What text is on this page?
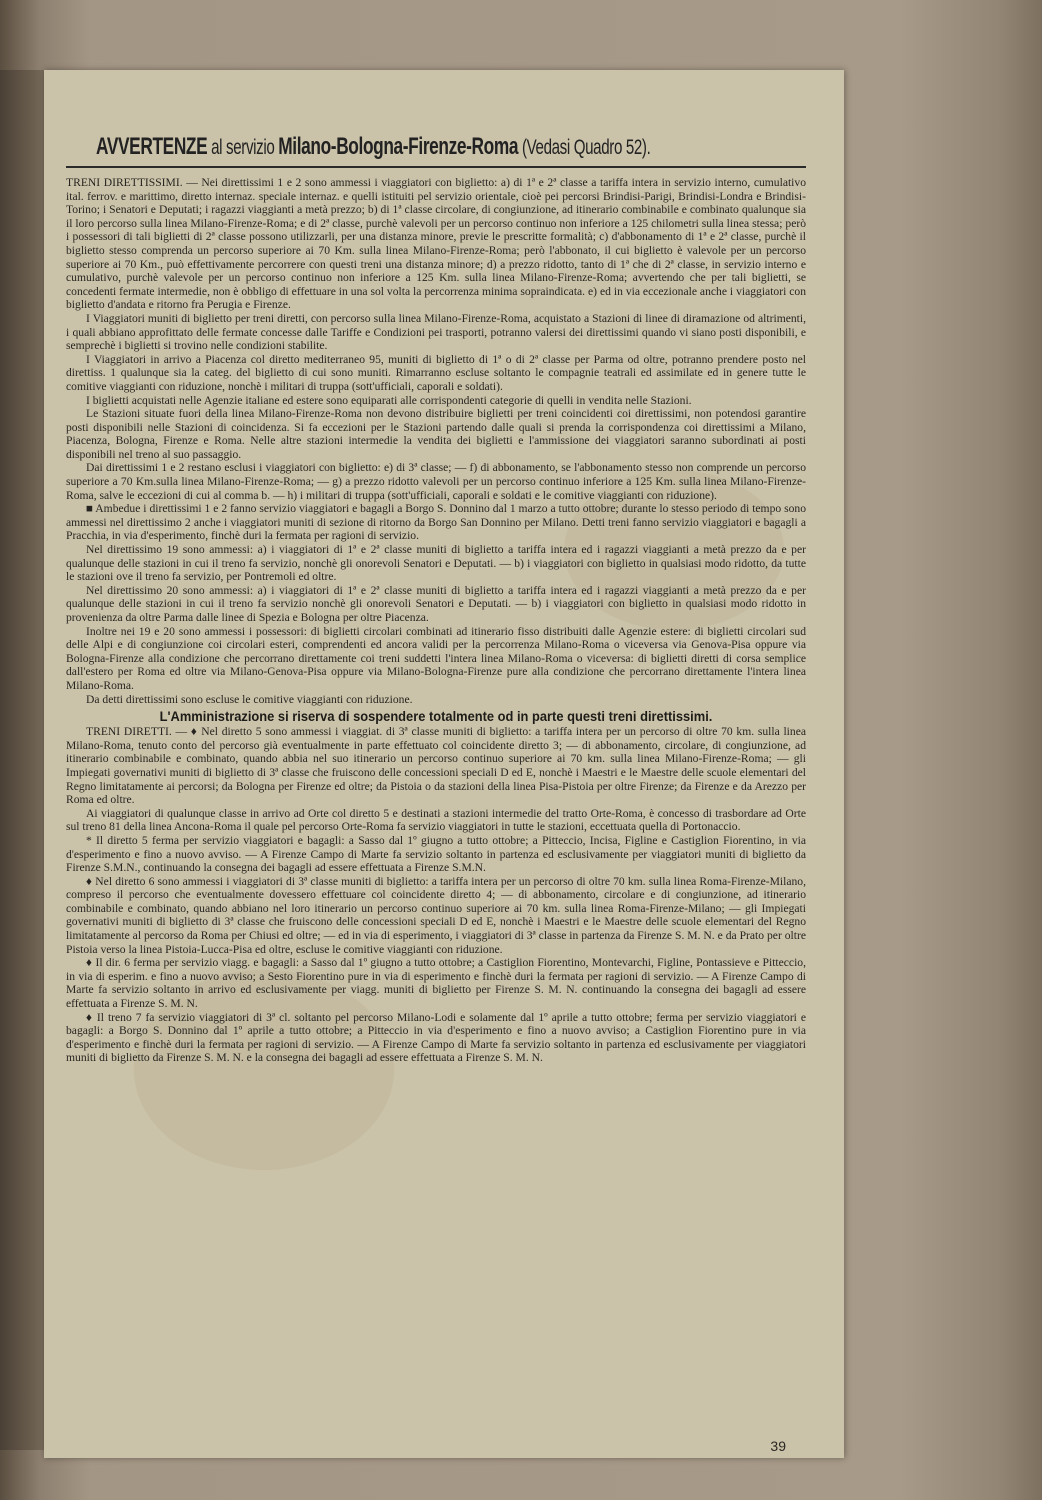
AVVERTENZE al servizio Milano-Bologna-Firenze-Roma (Vedasi Quadro 52).

TRENI DIRETTISSIMI. — Nei direttissimi 1 e 2 sono ammessi i viaggiatori con biglietto: a) di 1ª e 2ª classe a tariffa intera in servizio interno, cumulativo ital. ferrov. e marittimo, diretto internaz. speciale internaz. e quelli istituiti pel servizio orientale, cioè pei percorsi Brindisi-Parigi, Brindisi-Londra e Brindisi-Torino; i Senatori e Deputati; i ragazzi viaggianti a metà prezzo; b) di 1ª classe circolare, di congiunzione, ad itinerario combinabile e combinato qualunque sia il loro percorso sulla linea Milano-Firenze-Roma; e di 2ª classe, purchè valevoli per un percorso continuo non inferiore a 125 chilometri sulla linea stessa; però i possessori di tali biglietti di 2ª classe possono utilizzarli, per una distanza minore, previe le prescritte formalità; c) d'abbonamento di 1ª e 2ª classe, purchè il biglietto stesso comprenda un percorso superiore ai 70 Km. sulla linea Milano-Firenze-Roma; però l'abbonato, il cui biglietto è valevole per un percorso superiore ai 70 Km., può effettivamente percorrere con questi treni una distanza minore; d) a prezzo ridotto, tanto di 1ª che di 2ª classe, in servizio interno e cumulativo, purchè valevole per un percorso continuo non inferiore a 125 Km. sulla linea Milano-Firenze-Roma; avvertendo che per tali biglietti, se concedenti fermate intermedie, non è obbligo di effettuare in una sol volta la percorrenza minima sopraindicata. e) ed in via eccezionale anche i viaggiatori con biglietto d'andata e ritorno fra Perugia e Firenze.

I Viaggiatori muniti di biglietto per treni diretti, con percorso sulla linea Milano-Firenze-Roma, acquistato a Stazioni di linee di diramazione od altrimenti, i quali abbiano approfittato delle fermate concesse dalle Tariffe e Condizioni pei trasporti, potranno valersi dei direttissimi quando vi siano posti disponibili, e semprechè i biglietti si trovino nelle condizioni stabilite.

I Viaggiatori in arrivo a Piacenza col diretto mediterraneo 95, muniti di biglietto di 1ª o di 2ª classe per Parma od oltre, potranno prendere posto nel direttiss. 1 qualunque sia la categ. del biglietto di cui sono muniti. Rimarranno escluse soltanto le compagnie teatrali ed assimilate ed in genere tutte le comitive viaggianti con riduzione, nonchè i militari di truppa (sott'ufficiali, caporali e soldati).

I biglietti acquistati nelle Agenzie italiane ed estere sono equiparati alle corrispondenti categorie di quelli in vendita nelle Stazioni.

Le Stazioni situate fuori della linea Milano-Firenze-Roma non devono distribuire biglietti per treni coincidenti coi direttissimi, non potendosi garantire posti disponibili nelle Stazioni di coincidenza. Si fa eccezioni per le Stazioni partendo dalle quali si prenda la corrispondenza coi direttissimi a Milano, Piacenza, Bologna, Firenze e Roma. Nelle altre stazioni intermedie la vendita dei biglietti e l'ammissione dei viaggiatori saranno subordinati ai posti disponibili nel treno al suo passaggio.

Dai direttissimi 1 e 2 restano esclusi i viaggiatori con biglietto: e) di 3ª classe; — f) di abbonamento, se l'abbonamento stesso non comprende un percorso superiore a 70 Km.sulla linea Milano-Firenze-Roma; — g) a prezzo ridotto valevoli per un percorso continuo inferiore a 125 Km. sulla linea Milano-Firenze-Roma, salve le eccezioni di cui al comma b. — h) i militari di truppa (sott'ufficiali, caporali e soldati e le comitive viaggianti con riduzione).

■ Ambedue i direttissimi 1 e 2 fanno servizio viaggiatori e bagagli a Borgo S. Donnino dal 1 marzo a tutto ottobre; durante lo stesso periodo di tempo sono ammessi nel direttissimo 2 anche i viaggiatori muniti di sezione di ritorno da Borgo San Donnino per Milano. Detti treni fanno servizio viaggiatori e bagagli a Pracchia, in via d'esperimento, finchè duri la fermata per ragioni di servizio.

Nel direttissimo 19 sono ammessi: a) i viaggiatori di 1ª e 2ª classe muniti di biglietto a tariffa intera ed i ragazzi viaggianti a metà prezzo da e per qualunque delle stazioni in cui il treno fa servizio, nonchè gli onorevoli Senatori e Deputati. — b) i viaggiatori con biglietto in qualsiasi modo ridotto, da tutte le stazioni ove il treno fa servizio, per Pontremoli ed oltre.

Nel direttissimo 20 sono ammessi: a) i viaggiatori di 1ª e 2ª classe muniti di biglietto a tariffa intera ed i ragazzi viaggianti a metà prezzo da e per qualunque delle stazioni in cui il treno fa servizio nonchè gli onorevoli Senatori e Deputati. — b) i viaggiatori con biglietto in qualsiasi modo ridotto in provenienza da oltre Parma dalle linee di Spezia e Bologna per oltre Piacenza.

Inoltre nei 19 e 20 sono ammessi i possessori: di biglietti circolari combinati ad itinerario fisso distribuiti dalle Agenzie estere: di biglietti circolari sud delle Alpi e di congiunzione coi circolari esteri, comprendenti ed ancora validi per la percorrenza Milano-Roma o viceversa via Genova-Pisa oppure via Bologna-Firenze alla condizione che percorrano direttamente coi treni suddetti l'intera linea Milano-Roma o viceversa: di biglietti diretti di corsa semplice dall'estero per Roma ed oltre via Milano-Genova-Pisa oppure via Milano-Bologna-Firenze pure alla condizione che percorrano direttamente l'intera linea Milano-Roma.

Da detti direttissimi sono escluse le comitive viaggianti con riduzione.

L'Amministrazione si riserva di sospendere totalmente od in parte questi treni direttissimi.

TRENI DIRETTI. — ♦ Nel diretto 5 sono ammessi i viaggiat. di 3ª classe muniti di biglietto: a tariffa intera per un percorso di oltre 70 km. sulla linea Milano-Roma, tenuto conto del percorso già eventualmente in parte effettuato col coincidente diretto 3; — di abbonamento, circolare, di congiunzione, ad itinerario combinabile e combinato, quando abbia nel suo itinerario un percorso continuo superiore ai 70 km. sulla linea Milano-Firenze-Roma; — gli Impiegati governativi muniti di biglietto di 3ª classe che fruiscono delle concessioni speciali D ed E, nonchè i Maestri e le Maestre delle scuole elementari del Regno limitatamente ai percorsi; da Bologna per Firenze ed oltre; da Pistoia o da stazioni della linea Pisa-Pistoia per oltre Firenze; da Firenze e da Arezzo per Roma ed oltre.

Ai viaggiatori di qualunque classe in arrivo ad Orte col diretto 5 e destinati a stazioni intermedie del tratto Orte-Roma, è concesso di trasbordare ad Orte sul treno 81 della linea Ancona-Roma il quale pel percorso Orte-Roma fa servizio viaggiatori in tutte le stazioni, eccettuata quella di Portonaccio.

* Il diretto 5 ferma per servizio viaggiatori e bagagli: a Sasso dal 1º giugno a tutto ottobre; a Pitteccio, Incisa, Figline e Castiglion Fiorentino, in via d'esperimento e fino a nuovo avviso. — A Firenze Campo di Marte fa servizio soltanto in partenza ed esclusivamente per viaggiatori muniti di biglietto da Firenze S.M.N., continuando la consegna dei bagagli ad essere effettuata a Firenze S.M.N.

♦ Nel diretto 6 sono ammessi i viaggiatori di 3ª classe muniti di biglietto: a tariffa intera per un percorso di oltre 70 km. sulla linea Roma-Firenze-Milano, compreso il percorso che eventualmente dovessero effettuare col coincidente diretto 4; — di abbonamento, circolare e di congiunzione, ad itinerario combinabile e combinato, quando abbiano nel loro itinerario un percorso continuo superiore ai 70 km. sulla linea Roma-Firenze-Milano; — gli Impiegati governativi muniti di biglietto di 3ª classe che fruiscono delle concessioni speciali D ed E, nonchè i Maestri e le Maestre delle scuole elementari del Regno limitatamente al percorso da Roma per Chiusi ed oltre; — ed in via di esperimento, i viaggiatori di 3ª classe in partenza da Firenze S. M. N. e da Prato per oltre Pistoia verso la linea Pistoia-Lucca-Pisa ed oltre, escluse le comitive viaggianti con riduzione.

♦ Il dir. 6 ferma per servizio viagg. e bagagli: a Sasso dal 1º giugno a tutto ottobre; a Castiglion Fiorentino, Montevarchi, Figline, Pontassieve e Pitteccio, in via di esperim. e fino a nuovo avviso; a Sesto Fiorentino pure in via di esperimento e finchè duri la fermata per ragioni di servizio. — A Firenze Campo di Marte fa servizio soltanto in arrivo ed esclusivamente per viagg. muniti di biglietto per Firenze S. M. N. continuando la consegna dei bagagli ad essere effettuata a Firenze S. M. N.

♦ Il treno 7 fa servizio viaggiatori di 3ª cl. soltanto pel percorso Milano-Lodi e solamente dal 1º aprile a tutto ottobre; ferma per servizio viaggiatori e bagagli: a Borgo S. Donnino dal 1º aprile a tutto ottobre; a Pitteccio in via d'esperimento e fino a nuovo avviso; a Castiglion Fiorentino pure in via d'esperimento e finchè duri la fermata per ragioni di servizio. — A Firenze Campo di Marte fa servizio soltanto in partenza ed esclusivamente per viaggiatori muniti di biglietto da Firenze S. M. N. e la consegna dei bagagli ad essere effettuata a Firenze S. M. N.

39
